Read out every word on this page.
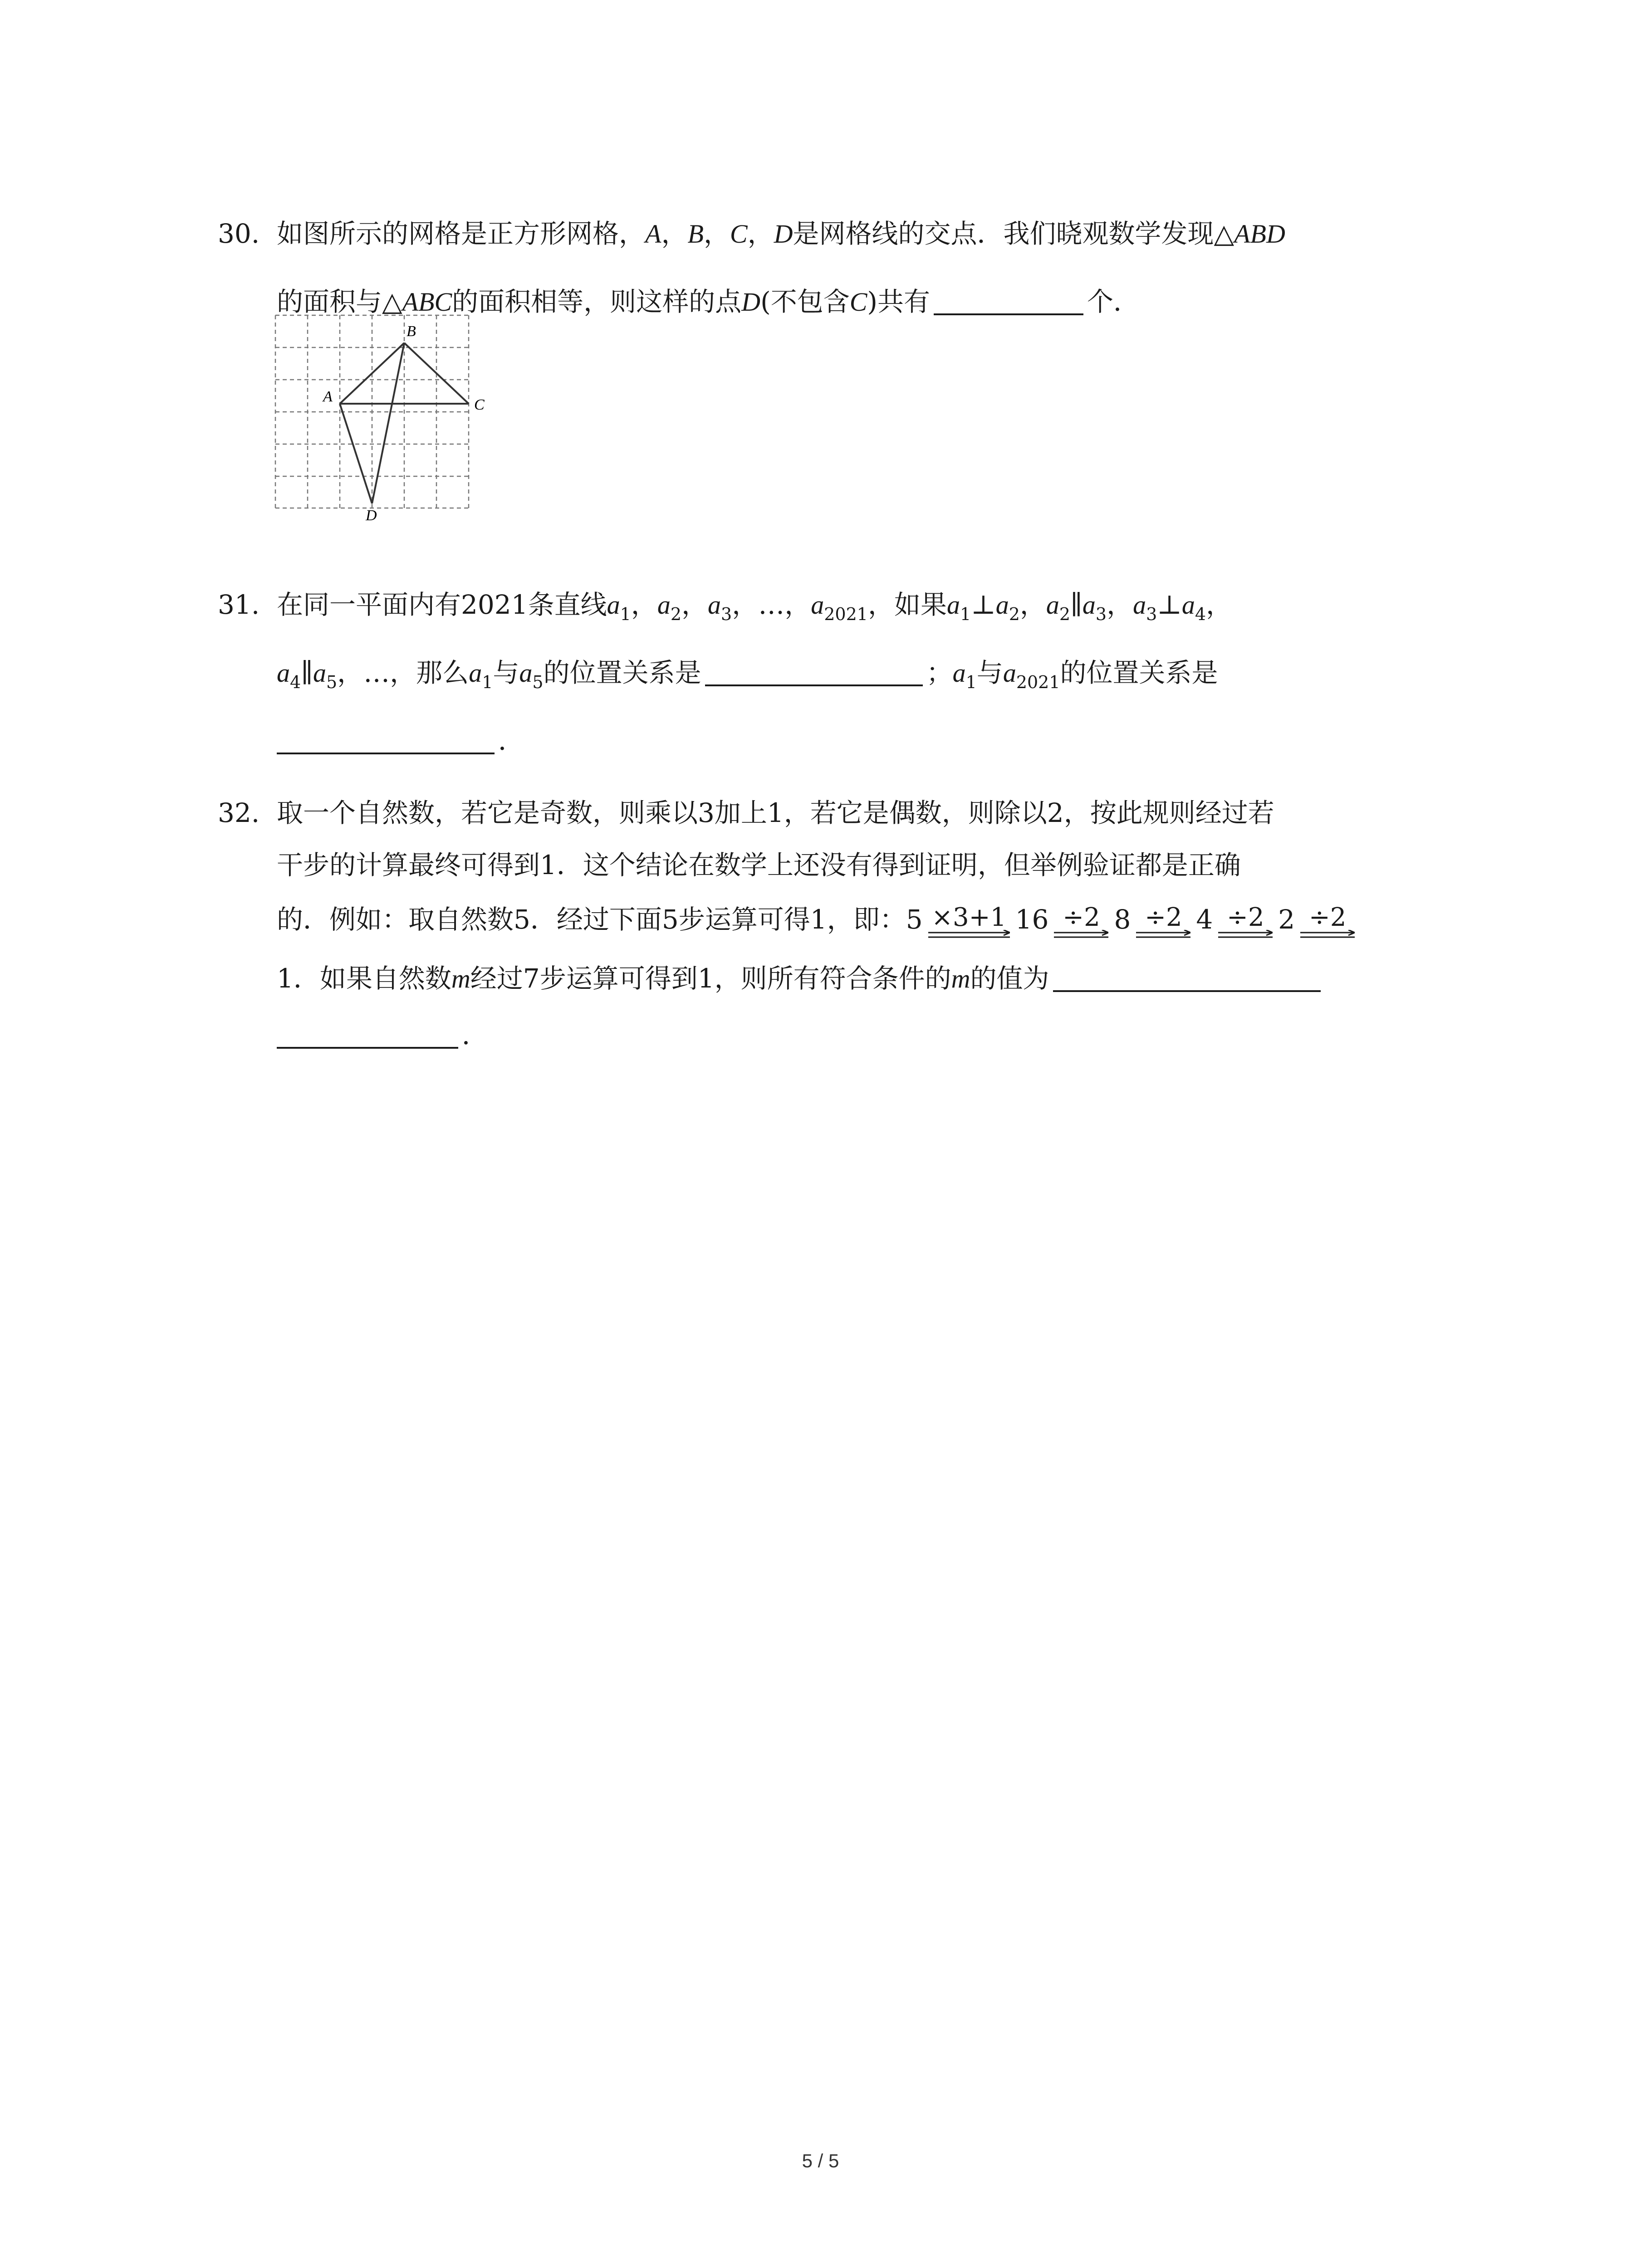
30. 如图所示的网格是正方形网格，A，B，C，D是网格线的交点．我们晓观数学发现△ABD
的面积与△ABC的面积相等，则这样的点D(不包含C)共有	个．
A
B
C
D
31. 在同一平面内有2021条直线$a_1$，$a_2$，$a_3$，…，$a_{2021}$，如果$a_1\perp a_2$，$a_2\parallel a_3$，$a_3\perp a_4$，
$a_4\parallel a_5$，…，那么$a_1$与$a_5$的位置关系是	；$a_1$与$a_{2021}$的位置关系是
．
32. 取一个自然数，若它是奇数，则乘以3加上1，若它是偶数，则除以2，按此规则经过若
干步的计算最终可得到1．这个结论在数学上还没有得到证明，但举例验证都是正确
的．例如：取自然数5．经过下面5步运算可得1，即：5 ×3+1 16 ÷2 8 ÷2 4 ÷2 2 ÷2
1．如果自然数m经过7步运算可得到1，则所有符合条件的m的值为
．
5 / 5
